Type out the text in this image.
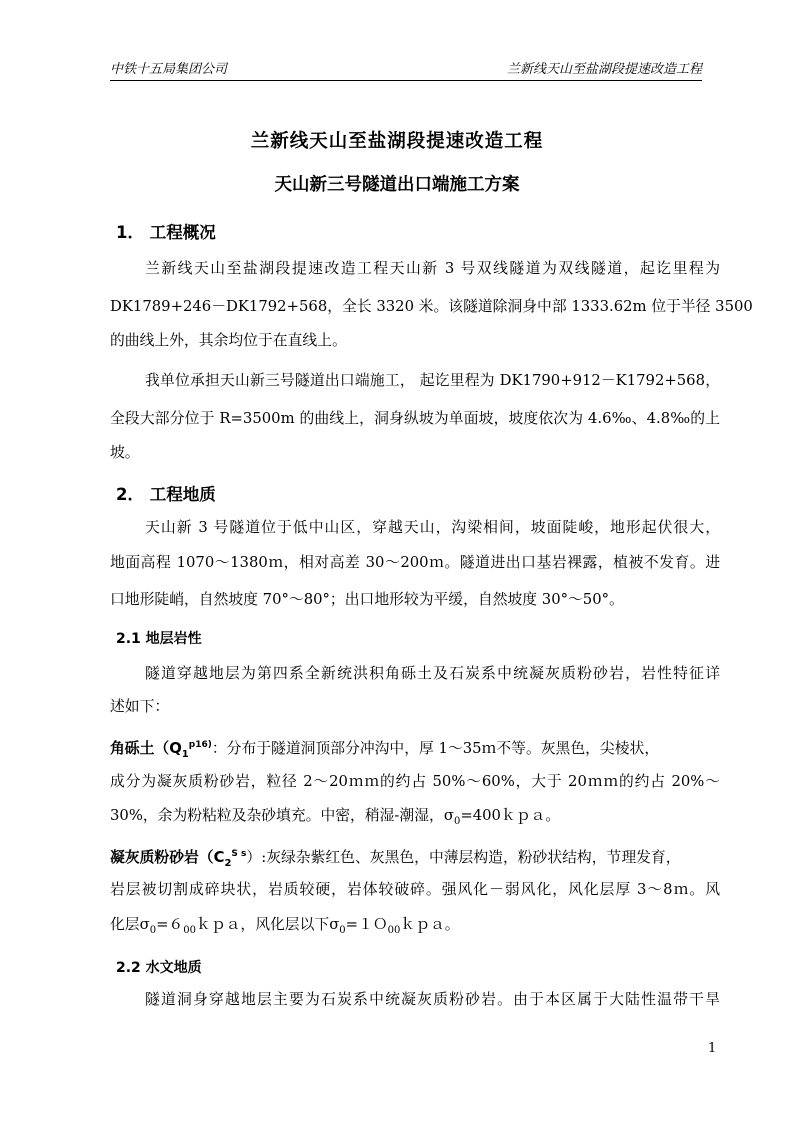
中铁十五局集团公司	兰新线天山至盐湖段提速改造工程
兰新线天山至盐湖段提速改造工程
天山新三号隧道出口端施工方案
1． 工程概况
兰新线天山至盐湖段提速改造工程天山新 3 号双线隧道为双线隧道，起讫里程为
DK1789+246－DK1792+568，全长 3320 米。该隧道除洞身中部 1333.62m 位于半径 3500
的曲线上外，其余均位于在直线上。
我单位承担天山新三号隧道出口端施工， 起讫里程为 DK1790+912－K1792+568，
全段大部分位于 R=3500m 的曲线上，洞身纵坡为单面坡，坡度依次为 4.6‰、4.8‰的上
坡。
2． 工程地质
天山新 3 号隧道位于低中山区，穿越天山，沟梁相间，坡面陡峻，地形起伏很大，
地面高程 1070～1380ｍ，相对高差 30～200ｍ。隧道进出口基岩裸露，植被不发育。进
口地形陡峭，自然坡度 70°～80°；出口地形较为平缓，自然坡度 30°～50°。
2.1 地层岩性
隧道穿越地层为第四系全新统洪积角砾土及石炭系中统凝灰质粉砂岩，岩性特征详
述如下：
角砾土（$Q_1^{p16)}$：分布于隧道洞顶部分冲沟中，厚 1～35ｍ不等。灰黑色，尖棱状，
成分为凝灰质粉砂岩，粒径 2～20ｍｍ的约占 50%～60%，大于 20ｍｍ的约占 20%～
30%，余为粉粘粒及杂砂填充。中密，稍湿-潮湿，$\sigma_0=400kpa$。
凝灰质粉砂岩$(C_2^{S s})$:灰绿杂紫红色、灰黑色，中薄层构造，粉砂状结构，节理发育，
岩层被切割成碎块状，岩质较硬，岩体较破碎。强风化－弱风化，风化层厚 3～8ｍ。风
化层$\sigma_0=6_{00}kpa$，风化层以下$\sigma_0=1O_{00}kpa$。
2.2 水文地质
隧道洞身穿越地层主要为石炭系中统凝灰质粉砂岩。由于本区属于大陆性温带干旱
1
